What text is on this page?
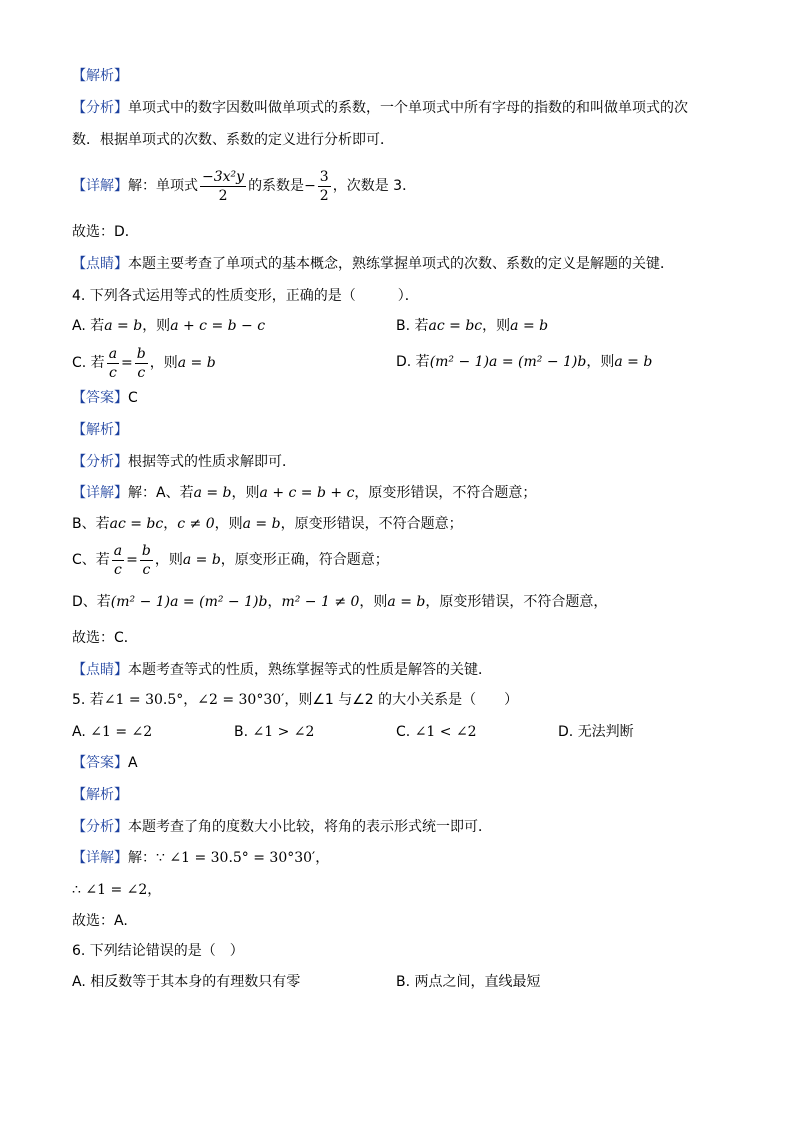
【解析】
【分析】单项式中的数字因数叫做单项式的系数，一个单项式中所有字母的指数的和叫做单项式的次
数．根据单项式的次数、系数的定义进行分析即可．
【详解】解：单项式 $\frac{\text{−3x²y}}{2}$ 的系数是− $\frac{3}{2}$ ，次数是 3．
故选：D．
【点睛】本题主要考查了单项式的基本概念，熟练掌握单项式的次数、系数的定义是解题的关键．
4. 下列各式运用等式的性质变形，正确的是（　　　）．
A. 若a = b，则a + c = b − c	B. 若ac = bc，则a = b
C. 若 $\frac{a}{c} = \frac{b}{c}$ ，则a = b	D. 若(m² − 1)a = (m² − 1)b，则a = b
【答案】C
【解析】
【分析】根据等式的性质求解即可．
【详解】解：A、若a = b，则a + c = b + c，原变形错误，不符合题意；
B、若ac = bc，c ≠ 0，则a = b，原变形错误，不符合题意；
C、若 $\frac{a}{c} = \frac{b}{c}$ ，则a = b，原变形正确，符合题意；
D、若(m² − 1)a = (m² − 1)b，m² − 1 ≠ 0，则a = b，原变形错误，不符合题意，
故选：C．
【点睛】本题考查等式的性质，熟练掌握等式的性质是解答的关键．
5. 若∠1 = 30.5°，∠2 = 30°30′，则∠1 与∠2 的大小关系是（　　）
A. ∠1 = ∠2	B. ∠1 > ∠2	C. ∠1 < ∠2	D. 无法判断
【答案】A
【解析】
【分析】本题考查了角的度数大小比较，将角的表示形式统一即可．
【详解】解：∵ ∠1 = 30.5° = 30°30′，
∴ ∠1 = ∠2，
故选：A.
6. 下列结论错误的是（　）
A. 相反数等于其本身的有理数只有零	B. 两点之间，直线最短
